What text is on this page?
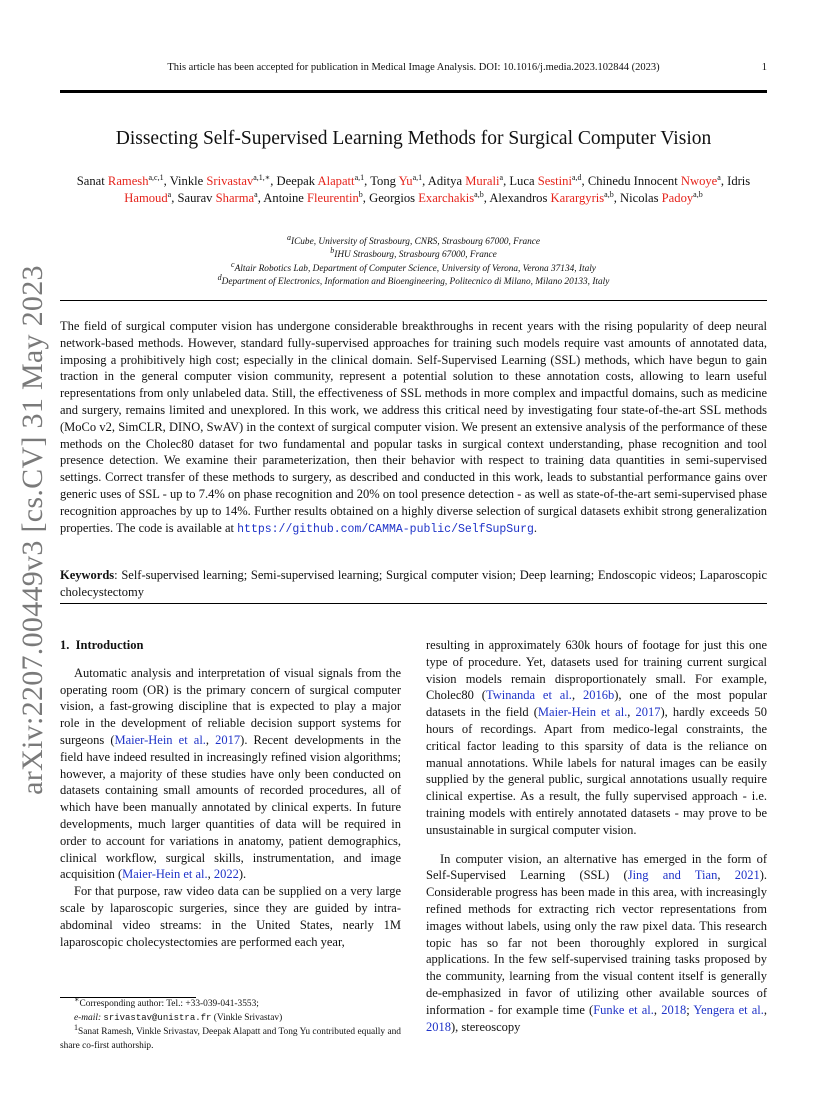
This article has been accepted for publication in Medical Image Analysis. DOI: 10.1016/j.media.2023.102844 (2023)	1
arXiv:2207.00449v3 [cs.CV] 31 May 2023
Dissecting Self-Supervised Learning Methods for Surgical Computer Vision
Sanat Ramesh$^{a,c,1}$, Vinkle Srivastav$^{a,1,∗}$, Deepak Alapatt$^{a,1}$, Tong Yu$^{a,1}$, Aditya Murali$^a$, Luca Sestini$^{a,d}$, Chinedu Innocent Nwoye$^a$, Idris Hamoud$^a$, Saurav Sharma$^a$, Antoine Fleurentin$^b$, Georgios Exarchakis$^{a,b}$, Alexandros Karargyris$^{a,b}$, Nicolas Padoy$^{a,b}$
$^a$ICube, University of Strasbourg, CNRS, Strasbourg 67000, France
$^b$IHU Strasbourg, Strasbourg 67000, France
$^c$Altair Robotics Lab, Department of Computer Science, University of Verona, Verona 37134, Italy
$^d$Department of Electronics, Information and Bioengineering, Politecnico di Milano, Milano 20133, Italy
The field of surgical computer vision has undergone considerable breakthroughs in recent years with the rising popularity of deep neural network-based methods. However, standard fully-supervised approaches for training such models require vast amounts of annotated data, imposing a prohibitively high cost; especially in the clinical domain. Self-Supervised Learning (SSL) methods, which have begun to gain traction in the general computer vision community, represent a potential solution to these annotation costs, allowing to learn useful representations from only unlabeled data. Still, the effectiveness of SSL methods in more complex and impactful domains, such as medicine and surgery, remains limited and unexplored. In this work, we address this critical need by investigating four state-of-the-art SSL methods (MoCo v2, SimCLR, DINO, SwAV) in the context of surgical computer vision. We present an extensive analysis of the performance of these methods on the Cholec80 dataset for two fundamental and popular tasks in surgical context understanding, phase recognition and tool presence detection. We examine their parameterization, then their behavior with respect to training data quantities in semi-supervised settings. Correct transfer of these methods to surgery, as described and conducted in this work, leads to substantial performance gains over generic uses of SSL - up to 7.4% on phase recognition and 20% on tool presence detection - as well as state-of-the-art semi-supervised phase recognition approaches by up to 14%. Further results obtained on a highly diverse selection of surgical datasets exhibit strong generalization properties. The code is available at https://github.com/CAMMA-public/SelfSupSurg.
Keywords: Self-supervised learning; Semi-supervised learning; Surgical computer vision; Deep learning; Endoscopic videos; Laparoscopic cholecystectomy
1. Introduction

Automatic analysis and interpretation of visual signals from the operating room (OR) is the primary concern of surgical computer vision, a fast-growing discipline that is expected to play a major role in the development of reliable decision support systems for surgeons (Maier-Hein et al., 2017). Recent developments in the field have indeed resulted in increasingly refined vision algorithms; however, a majority of these studies have only been conducted on datasets containing small amounts of recorded procedures, all of which have been manually annotated by clinical experts. In future developments, much larger quantities of data will be required in order to account for variations in anatomy, patient demographics, clinical workflow, surgical skills, instrumentation, and image acquisition (Maier-Hein et al., 2022).

For that purpose, raw video data can be supplied on a very large scale by laparoscopic surgeries, since they are guided by intra-abdominal video streams: in the United States, nearly 1M laparoscopic cholecystectomies are performed each year,

resulting in approximately 630k hours of footage for just this one type of procedure. Yet, datasets used for training current surgical vision models remain disproportionately small. For example, Cholec80 (Twinanda et al., 2016b), one of the most popular datasets in the field (Maier-Hein et al., 2017), hardly exceeds 50 hours of recordings. Apart from medico-legal constraints, the critical factor leading to this sparsity of data is the reliance on manual annotations. While labels for natural images can be easily supplied by the general public, surgical annotations usually require clinical expertise. As a result, the fully supervised approach - i.e. training models with entirely annotated datasets - may prove to be unsustainable in surgical computer vision.

In computer vision, an alternative has emerged in the form of Self-Supervised Learning (SSL) (Jing and Tian, 2021). Considerable progress has been made in this area, with increasingly refined methods for extracting rich vector representations from images without labels, using only the raw pixel data. This research topic has so far not been thoroughly explored in surgical applications. In the few self-supervised training tasks proposed by the community, learning from the visual content itself is generally de-emphasized in favor of utilizing other available sources of information - for example time (Funke et al., 2018; Yengera et al., 2018), stereoscopy

∗Corresponding author: Tel.: +33-039-041-3553;
e-mail: srivastav@unistra.fr (Vinkle Srivastav)
$^1$Sanat Ramesh, Vinkle Srivastav, Deepak Alapatt and Tong Yu contributed equally and share co-first authorship.
